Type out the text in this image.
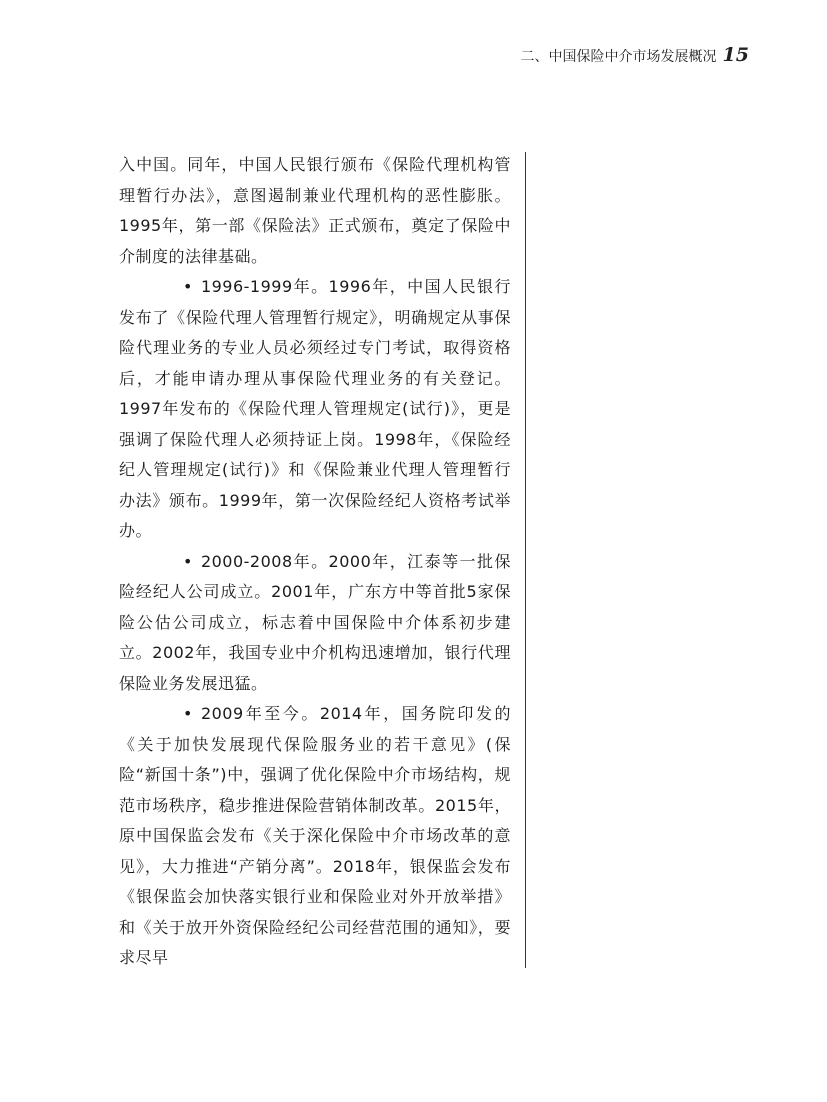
二、中国保险中介市场发展概况 15

入中国。同年，中国人民银行颁布《保险代理机构管理暂行办法》，意图遏制兼业代理机构的恶性膨胀。1995年，第一部《保险法》正式颁布，奠定了保险中介制度的法律基础。

• 1996-1999年。1996年，中国人民银行发布了《保险代理人管理暂行规定》，明确规定从事保险代理业务的专业人员必须经过专门考试，取得资格后，才能申请办理从事保险代理业务的有关登记。1997年发布的《保险代理人管理规定(试行)》，更是强调了保险代理人必须持证上岗。1998年，《保险经纪人管理规定(试行)》和《保险兼业代理人管理暂行办法》颁布。1999年，第一次保险经纪人资格考试举办。

• 2000-2008年。2000年，江泰等一批保险经纪人公司成立。2001年，广东方中等首批5家保险公估公司成立，标志着中国保险中介体系初步建立。2002年，我国专业中介机构迅速增加，银行代理保险业务发展迅猛。

• 2009年至今。2014年，国务院印发的《关于加快发展现代保险服务业的若干意见》(保险“新国十条”)中，强调了优化保险中介市场结构，规范市场秩序，稳步推进保险营销体制改革。2015年，原中国保监会发布《关于深化保险中介市场改革的意见》，大力推进“产销分离”。2018年，银保监会发布《银保监会加快落实银行业和保险业对外开放举措》和《关于放开外资保险经纪公司经营范围的通知》，要求尽早
